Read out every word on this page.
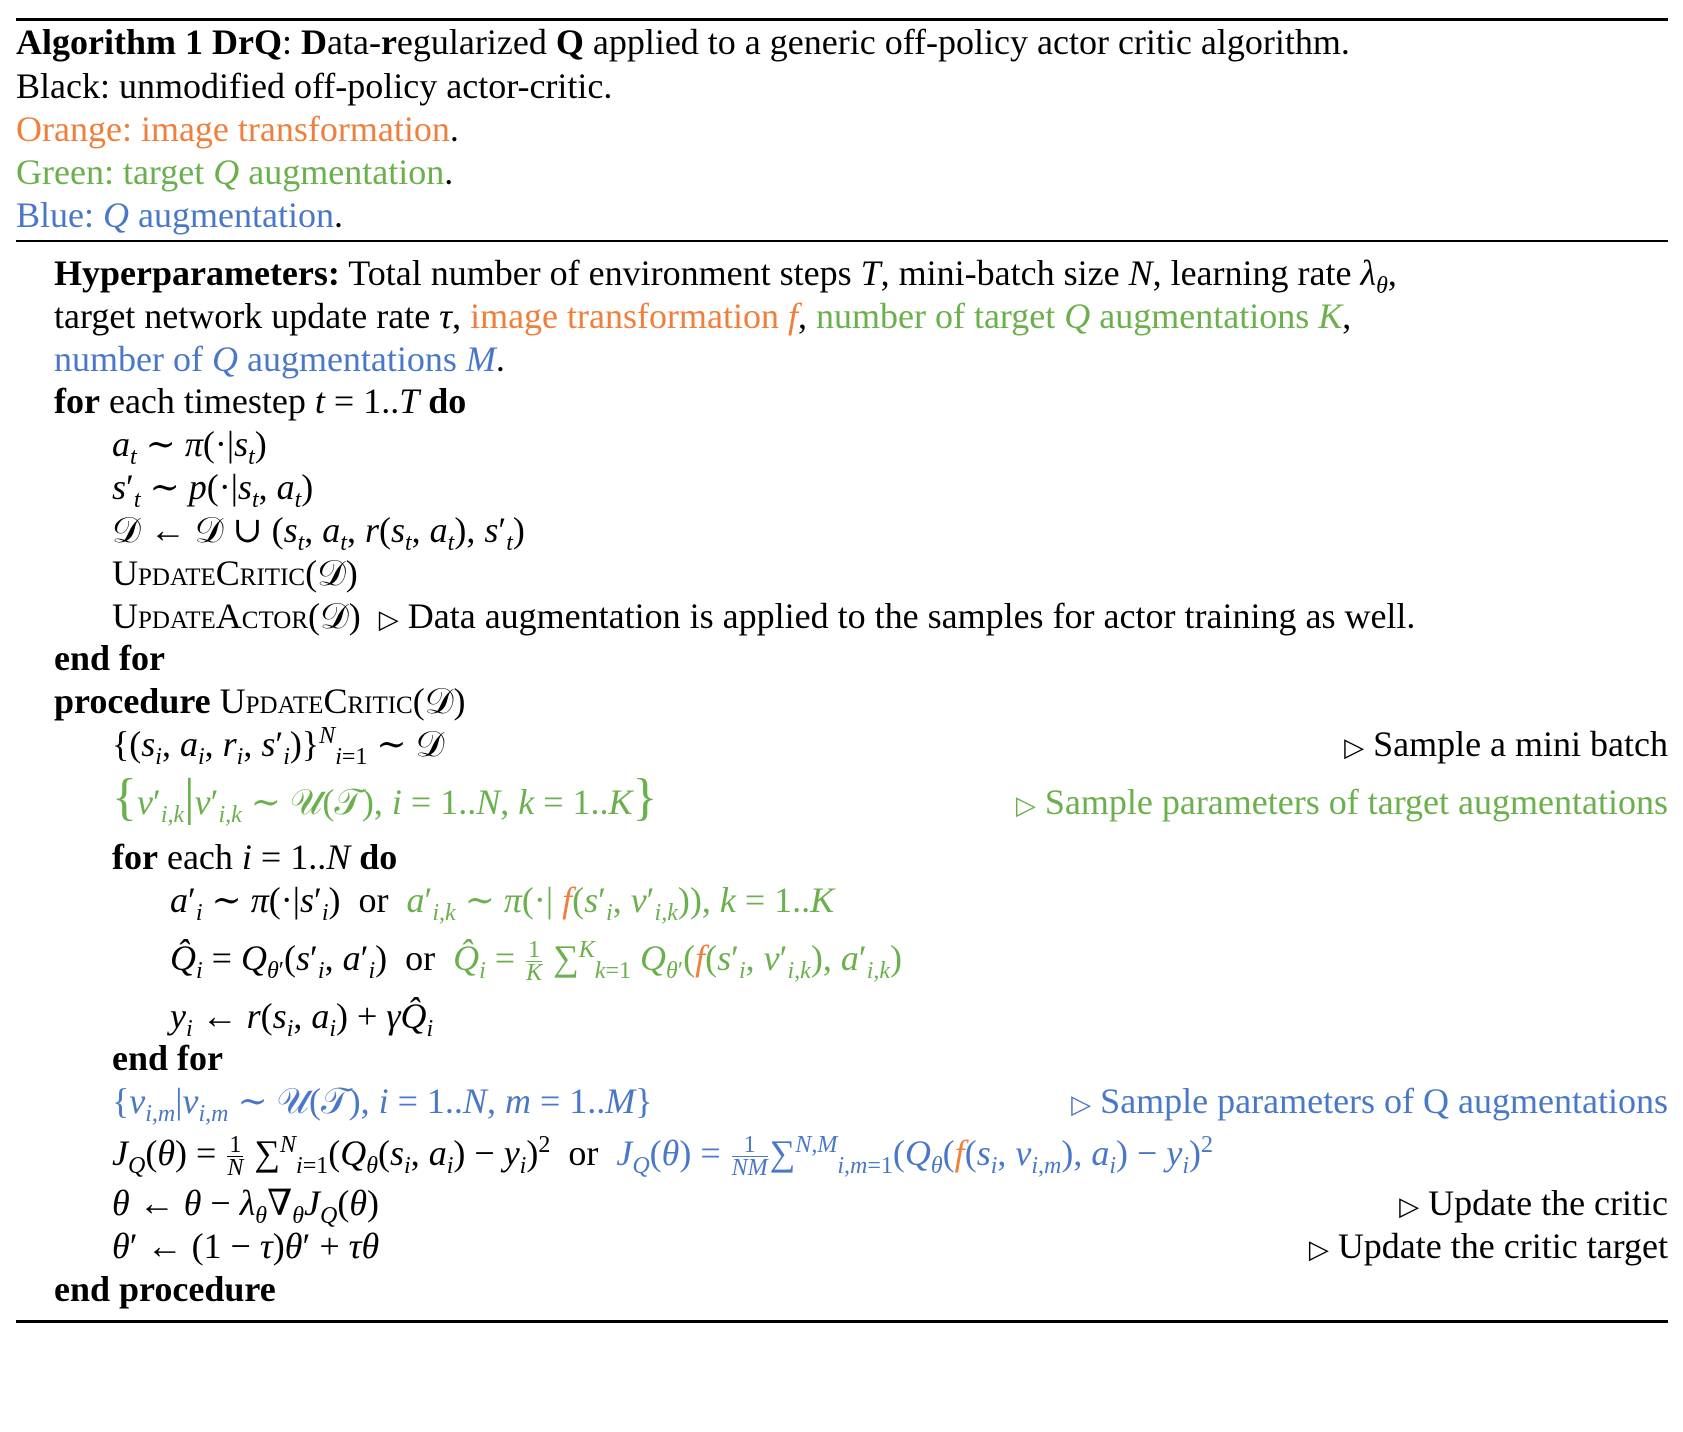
Algorithm 1 DrQ: Data-regularized Q applied to a generic off-policy actor critic algorithm.
Black: unmodified off-policy actor-critic.
Orange: image transformation.
Green: target Q augmentation.
Blue: Q augmentation.
Hyperparameters: Total number of environment steps T, mini-batch size N, learning rate $\lambda_\theta$,
target network update rate τ, image transformation f, number of target Q augmentations K,
number of Q augmentations M.
for each timestep t = 1..T do
$a_t$ ∼ $\pi(\cdot|s_t)$
$s'_t$ ∼ $p(\cdot|s_t$, $a_t$)
𝒟 ← 𝒟 ∪ ($s_t$, $a_t$, $r(s_t$, $a_t$), $s'_t$)
UpdateCritic(𝒟)
UpdateActor(𝒟)  ▷ Data augmentation is applied to the samples for actor training as well.
end for
procedure UpdateCritic(𝒟)
{($s_i$, $a_i$, $r_i$, $s'_i)\}^N_{i=1}$ ∼ 𝒟	▷ Sample a mini batch
{$\nu'_{i,k}|\nu'_{i,k}$ ∼ 𝒰(𝒯), i = 1..N, k = 1..K}	▷ Sample parameters of target augmentations
for each i = 1..N do
$a'_i$ ∼ $\pi(\cdot|s'_i)$  or  $a'_{i,k}$ ∼ π(·| $f(s'_i$, $\nu'_{i,k}$)), k = 1..K
$Q̂_i = Q_{\theta'}(s'_i$, $a'_i$)  or  $Q̂_i = \frac{1}{K} \sum^K_{k=1}$ $Q_{\theta'}(f(s'_i$, $\nu'_{i,k}$), $a'_{i,k}$)
$y_i$ ← $r(s_i$, $a_i$) + $\gamma Q̂_i$
end for
{$\nu_{i,m}|\nu_{i,m}$ ∼ 𝒰(𝒯), i = 1..N, m = 1..M}	▷ Sample parameters of Q augmentations
$J_Q(\theta) = \frac{1}{N} \sum^N_{i=1}(Q_\theta(s_i$, $a_i) - y_i)^2$  or  $J_Q(\theta) = \frac{1}{NM} \sum^{N,M}_{i,m=1}(Q_\theta(f(s_i$, $\nu_{i,m}$), $a_i) - y_i)^2$
θ ← $\theta - \lambda_\theta\nabla_\theta J_Q(\theta)$	▷ Update the critic
θ′ ← (1 − τ)θ′ + τθ	▷ Update the critic target
end procedure
